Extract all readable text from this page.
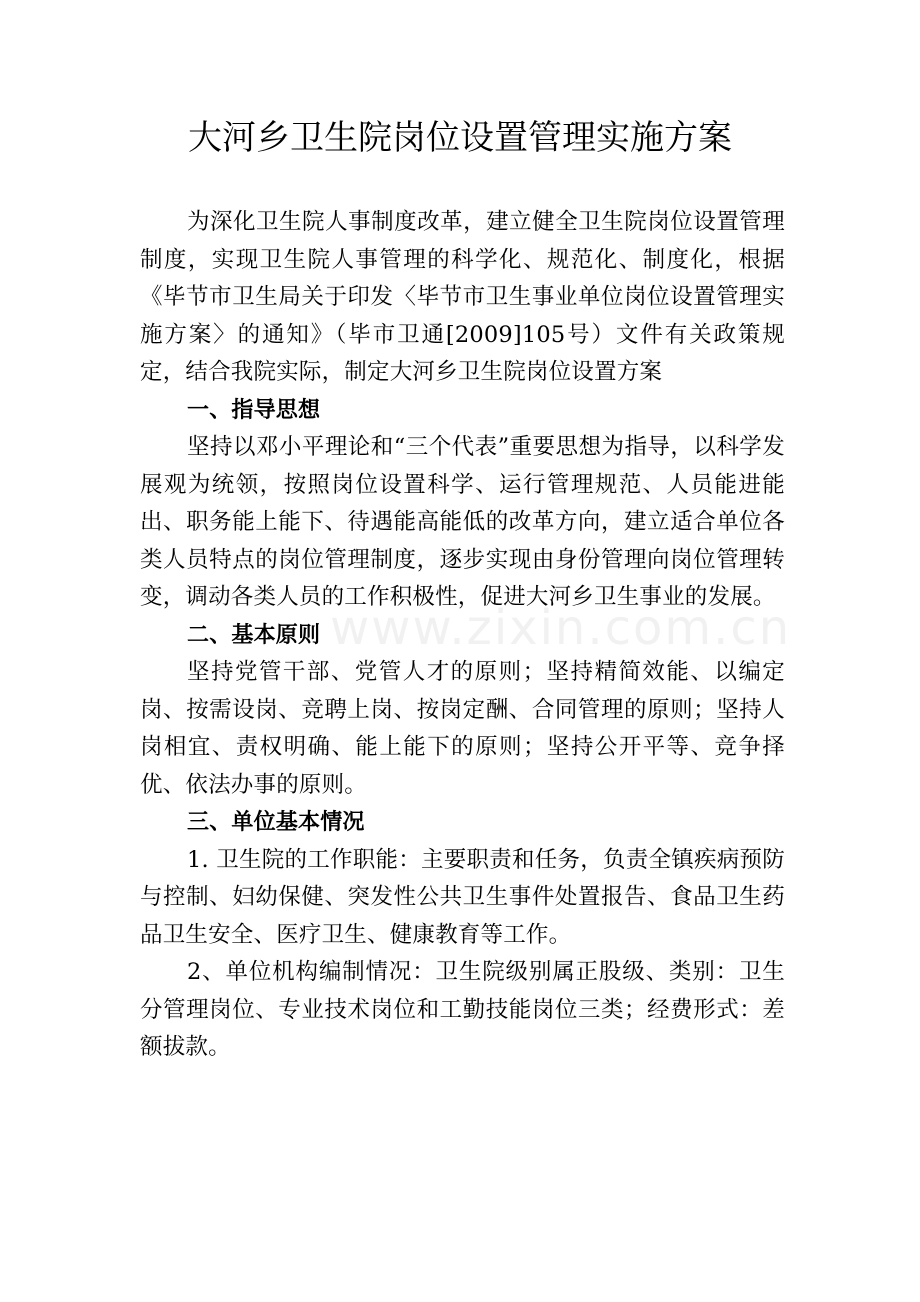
大河乡卫生院岗位设置管理实施方案
www.zixin.com.cn
为深化卫生院人事制度改革，建立健全卫生院岗位设置管理制度，实现卫生院人事管理的科学化、规范化、制度化，根据《毕节市卫生局关于印发〈毕节市卫生事业单位岗位设置管理实施方案〉的通知》（毕市卫通[2009]105号）文件有关政策规定，结合我院实际，制定大河乡卫生院岗位设置方案
一、指导思想
坚持以邓小平理论和“三个代表”重要思想为指导，以科学发展观为统领，按照岗位设置科学、运行管理规范、人员能进能出、职务能上能下、待遇能高能低的改革方向，建立适合单位各类人员特点的岗位管理制度，逐步实现由身份管理向岗位管理转变，调动各类人员的工作积极性，促进大河乡卫生事业的发展。
二、基本原则
坚持党管干部、党管人才的原则；坚持精简效能、以编定岗、按需设岗、竞聘上岗、按岗定酬、合同管理的原则；坚持人岗相宜、责权明确、能上能下的原则；坚持公开平等、竞争择优、依法办事的原则。
三、单位基本情况
1. 卫生院的工作职能：主要职责和任务，负责全镇疾病预防与控制、妇幼保健、突发性公共卫生事件处置报告、食品卫生药品卫生安全、医疗卫生、健康教育等工作。
2、单位机构编制情况：卫生院级别属正股级、类别：卫生分管理岗位、专业技术岗位和工勤技能岗位三类；经费形式：差额拔款。
